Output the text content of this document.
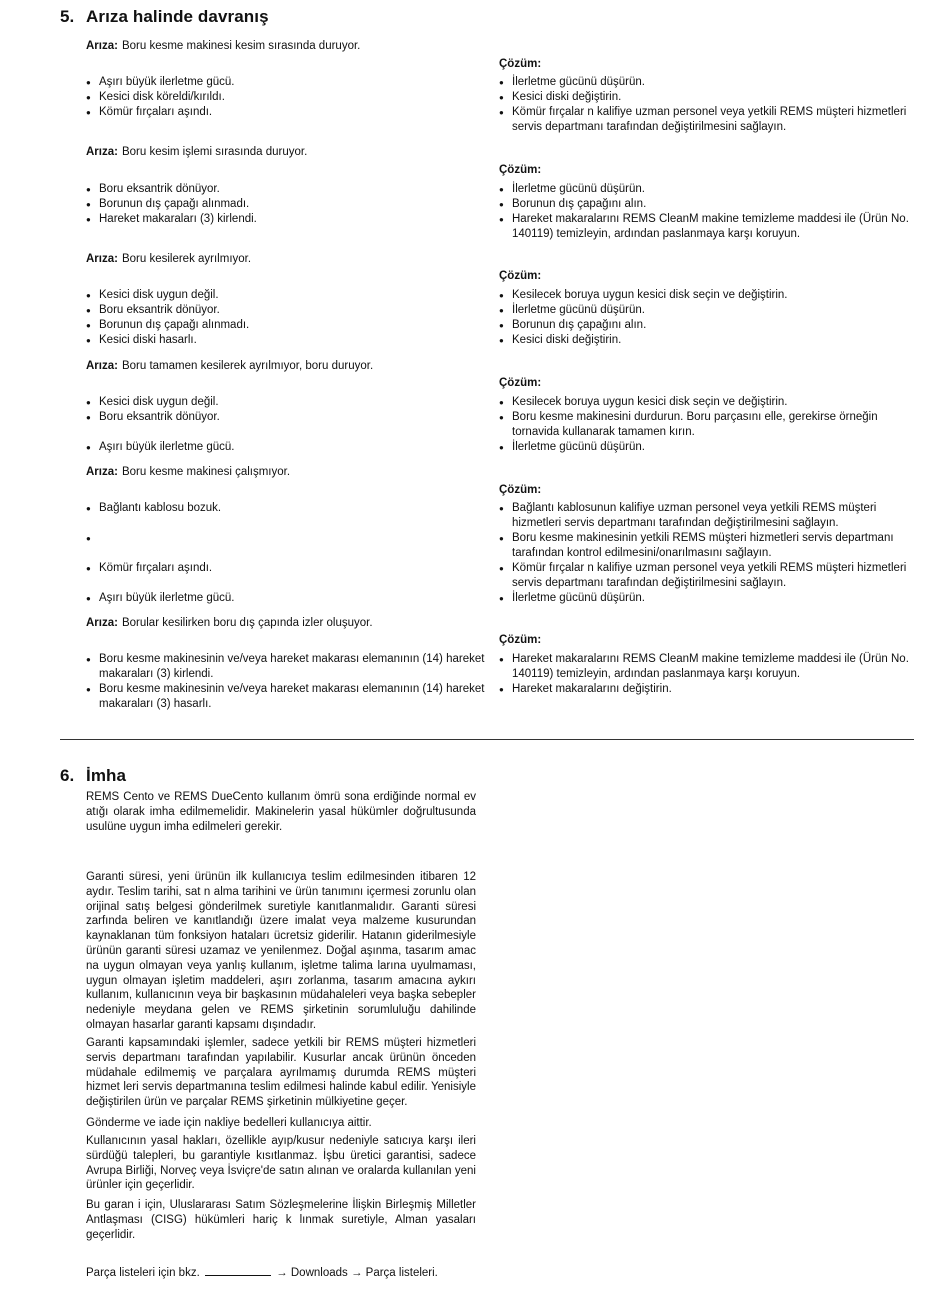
5. Arıza halinde davranış
Arıza: Boru kesme makinesi kesim sırasında duruyor.
Çözüm:
● Aşırı büyük ilerletme gücü.
● Kesici disk köreldi/kırıldı.
● Kömür fırçaları aşındı.
● İlerletme gücünü düşürün.
● Kesici diski değiştirin.
● Kömür fırçalar n kalifiye uzman personel veya yetkili REMS müşteri hizmetleri servis departmanı tarafından değiştirilmesini sağlayın.
Arıza: Boru kesim işlemi sırasında duruyor.
Çözüm:
● Boru eksantrik dönüyor.
● Borunun dış çapağı alınmadı.
● Hareket makaraları (3) kirlendi.
● İlerletme gücünü düşürün.
● Borunun dış çapağını alın.
● Hareket makaralarını REMS CleanM makine temizleme maddesi ile (Ürün No. 140119) temizleyin, ardından paslanmaya karşı koruyun.
Arıza: Boru kesilerek ayrılmıyor.
Çözüm:
● Kesici disk uygun değil.
● Boru eksantrik dönüyor.
● Borunun dış çapağı alınmadı.
● Kesici diski hasarlı.
● Kesilecek boruya uygun kesici disk seçin ve değiştirin.
● İlerletme gücünü düşürün.
● Borunun dış çapağını alın.
● Kesici diski değiştirin.
Arıza: Boru tamamen kesilerek ayrılmıyor, boru duruyor.
Çözüm:
● Kesici disk uygun değil.
● Boru eksantrik dönüyor.
● Aşırı büyük ilerletme gücü.
● Kesilecek boruya uygun kesici disk seçin ve değiştirin.
● Boru kesme makinesini durdurun. Boru parçasını elle, gerekirse örneğin tornavida kullanarak tamamen kırın.
● İlerletme gücünü düşürün.
Arıza: Boru kesme makinesi çalışmıyor.
Çözüm:
● Bağlantı kablosu bozuk.
● Kömür fırçaları aşındı.
● Aşırı büyük ilerletme gücü.
● Bağlantı kablosunun kalifiye uzman personel veya yetkili REMS müşteri hizmetleri servis departmanı tarafından değiştirilmesini sağlayın.
● Boru kesme makinesinin yetkili REMS müşteri hizmetleri servis departmanı tarafından kontrol edilmesini/onarılmasını sağlayın.
● Kömür fırçalar n kalifiye uzman personel veya yetkili REMS müşteri hizmetleri servis departmanı tarafından değiştirilmesini sağlayın.
● İlerletme gücünü düşürün.
Arıza: Borular kesilirken boru dış çapında izler oluşuyor.
Çözüm:
● Boru kesme makinesinin ve/veya hareket makarası elemanının (14) hareket makaraları (3) kirlendi.
● Boru kesme makinesinin ve/veya hareket makarası elemanının (14) hareket makaraları (3) hasarlı.
● Hareket makaralarını REMS CleanM makine temizleme maddesi ile (Ürün No. 140119) temizleyin, ardından paslanmaya karşı koruyun.
● Hareket makaralarını değiştirin.
6. İmha
REMS Cento ve REMS DueCento kullanım ömrü sona erdiğinde normal ev atığı olarak imha edilmemelidir. Makinelerin yasal hükümler doğrultusunda usulüne uygun imha edilmeleri gerekir.
Garanti süresi, yeni ürünün ilk kullanıcıya teslim edilmesinden itibaren 12 aydır. Teslim tarihi, sat n alma tarihini ve ürün tanımını içermesi zorunlu olan orijinal satış belgesi gönderilmek suretiyle kanıtlanmalıdır. Garanti süresi zarfında beliren ve kanıtlandığı üzere imalat veya malzeme kusurundan kaynaklanan tüm fonksiyon hataları ücretsiz giderilir. Hatanın giderilmesiyle ürünün garanti süresi uzamaz ve yenilenmez. Doğal aşınma, tasarım amac na uygun olmayan veya yanlış kullanım, işletme talima larına uyulmaması, uygun olmayan işletim maddeleri, aşırı zorlanma, tasarım amacına aykırı kullanım, kullanıcının veya bir başkasının müdahaleleri veya başka sebepler nedeniyle meydana gelen ve REMS şirketinin sorumluluğu dahilinde olmayan hasarlar garanti kapsamı dışındadır.
Garanti kapsamındaki işlemler, sadece yetkili bir REMS müşteri hizmetleri servis departmanı tarafından yapılabilir. Kusurlar ancak ürünün önceden müdahale edilmemiş ve parçalara ayrılmamış durumda REMS müşteri hizmet leri servis departmanına teslim edilmesi halinde kabul edilir. Yenisiyle değiştirilen ürün ve parçalar REMS şirketinin mülkiyetine geçer.
Gönderme ve iade için nakliye bedelleri kullanıcıya aittir.
Kullanıcının yasal hakları, özellikle ayıp/kusur nedeniyle satıcıya karşı ileri sürdüğü talepleri, bu garantiyle kısıtlanmaz. İşbu üretici garantisi, sadece Avrupa Birliği, Norveç veya İsviçre'de satın alınan ve oralarda kullanılan yeni ürünler için geçerlidir.
Bu garan i için, Uluslararası Satım Sözleşmelerine İlişkin Birleşmiş Milletler Antlaşması (CISG) hükümleri hariç k lınmak suretiyle, Alman yasaları geçerlidir.
Parça listeleri için bkz.	→ Downloads → Parça listeleri.
